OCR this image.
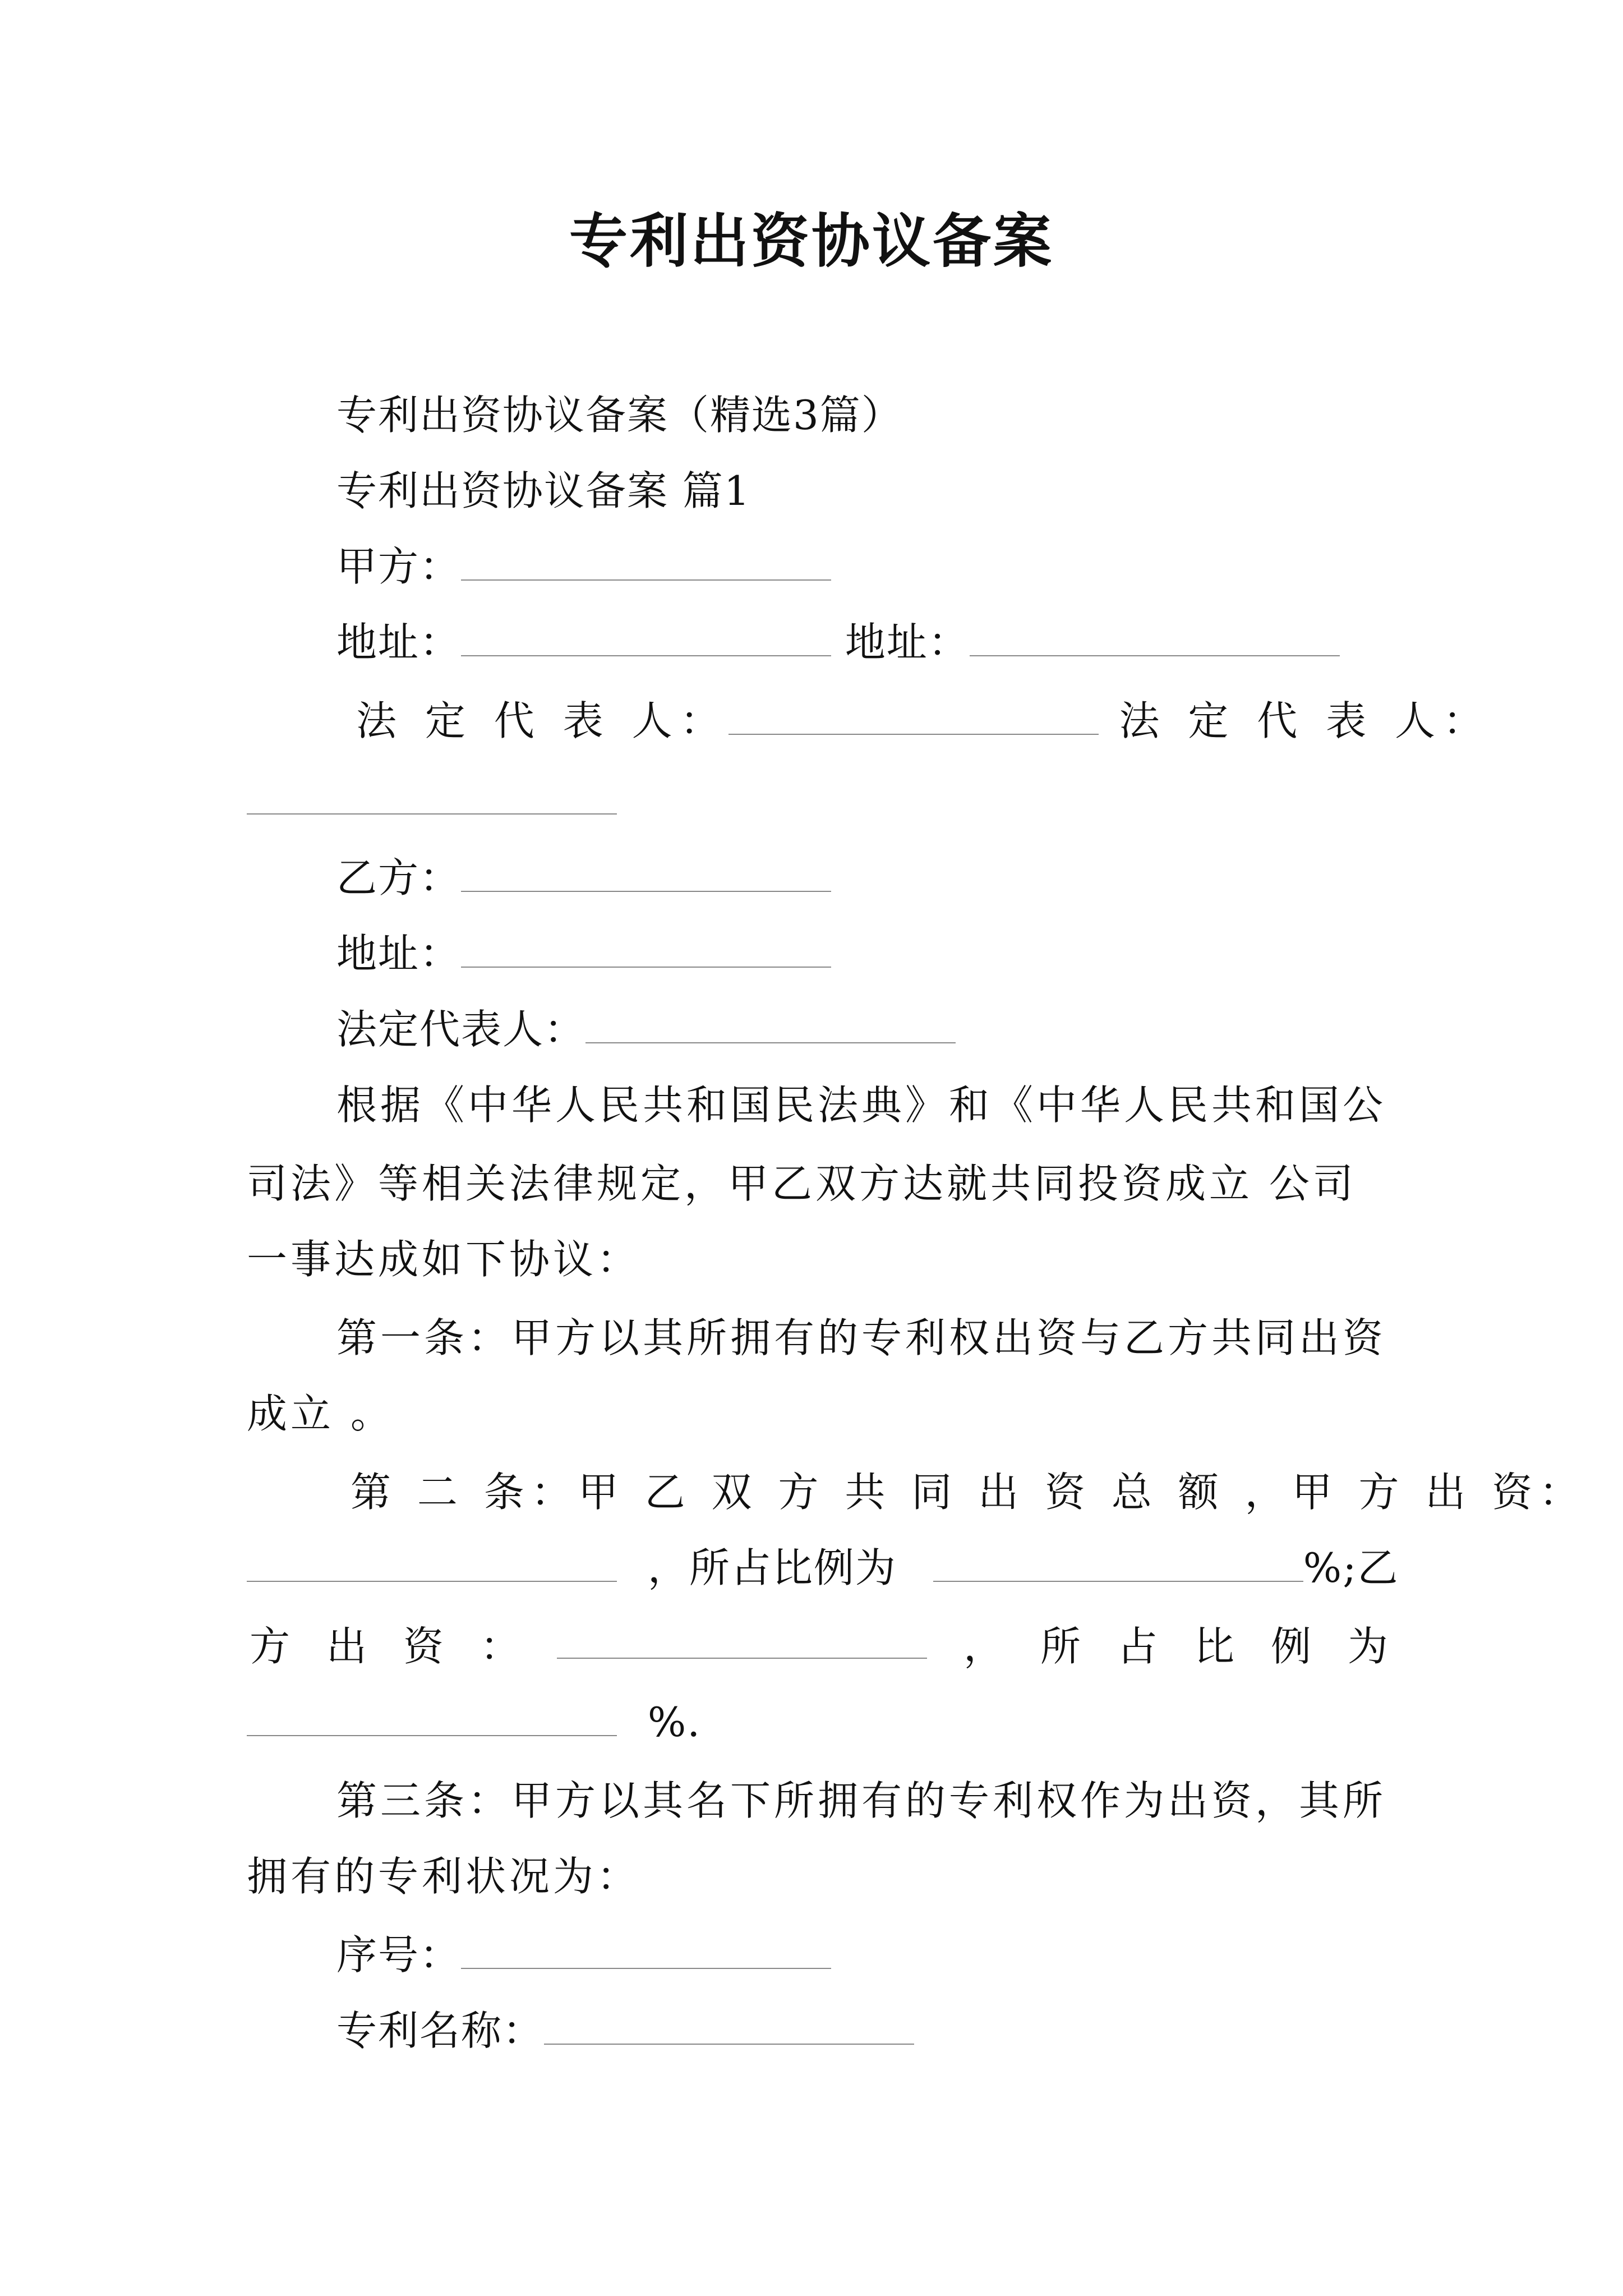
专利出资协议备案
专利出资协议备案（精选3篇）
专利出资协议备案 篇1
甲方：
地址：	地址：
法 定 代 表 人：	法 定 代 表 人：
乙方：
地址：
法定代表人：
根据《中华人民共和国民法典》和《中华人民共和国公
司法》等相关法律规定，甲乙双方达就共同投资成立 公司
一事达成如下协议：
第一条：甲方以其所拥有的专利权出资与乙方共同出资
成立 。
第 二 条：甲 乙 双 方 共 同 出 资 总 额 ，甲 方 出 资：
，所占比例为	%;乙
方 出 资 ：	， 所 占 比 例 为
%.
第三条：甲方以其名下所拥有的专利权作为出资，其所
拥有的专利状况为：
序号：
专利名称：
